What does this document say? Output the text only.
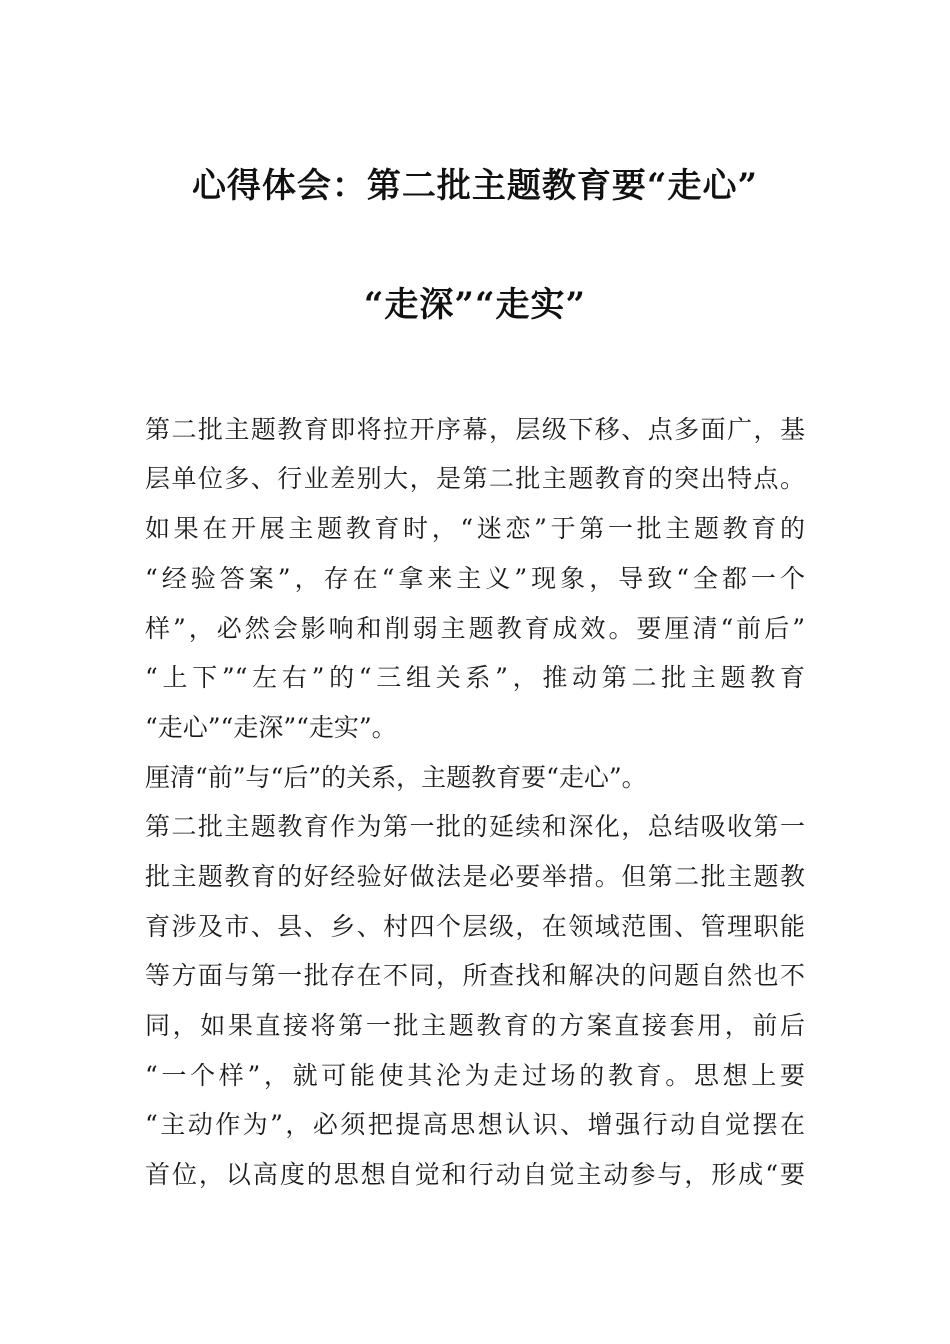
心得体会：第二批主题教育要“走心”
“走深”“走实”
第二批主题教育即将拉开序幕，层级下移、点多面广，基
层单位多、行业差别大，是第二批主题教育的突出特点。
如果在开展主题教育时，“迷恋”于第一批主题教育的
“经验答案”，存在“拿来主义”现象，导致“全都一个
样”，必然会影响和削弱主题教育成效。要厘清“前后”
“上下”“左右”的“三组关系”，推动第二批主题教育
“走心”“走深”“走实”。
厘清“前”与“后”的关系，主题教育要“走心”。
第二批主题教育作为第一批的延续和深化，总结吸收第一
批主题教育的好经验好做法是必要举措。但第二批主题教
育涉及市、县、乡、村四个层级，在领域范围、管理职能
等方面与第一批存在不同，所查找和解决的问题自然也不
同，如果直接将第一批主题教育的方案直接套用，前后
“一个样”，就可能使其沦为走过场的教育。思想上要
“主动作为”，必须把提高思想认识、增强行动自觉摆在
首位，以高度的思想自觉和行动自觉主动参与，形成“要
